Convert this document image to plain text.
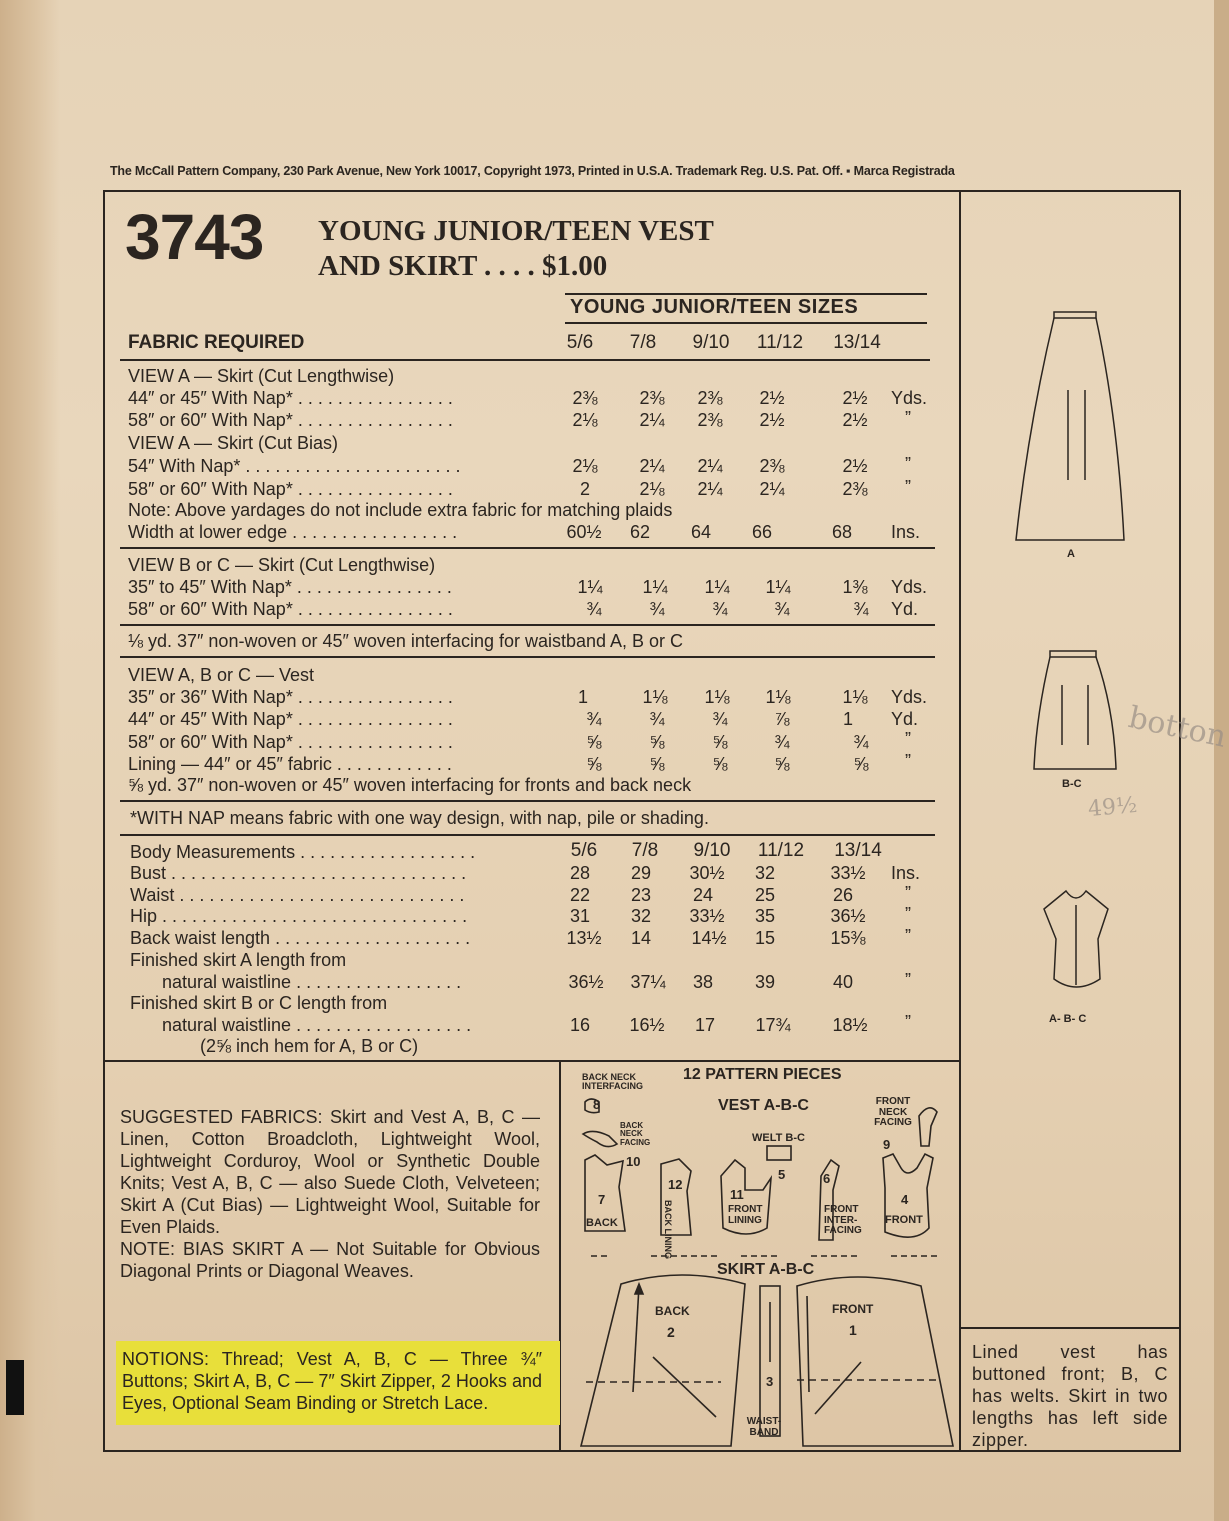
The McCall Pattern Company, 230 Park Avenue, New York 10017, Copyright 1973, Printed in U.S.A. Trademark Reg. U.S. Pat. Off. ▪ Marca Registrada
3743 YOUNG JUNIOR/TEEN VEST
AND SKIRT . . . . $1.00
YOUNG JUNIOR/TEEN SIZES
FABRIC REQUIRED	5/6	7/8	9/10	11/12	13/14
VIEW A — Skirt (Cut Lengthwise)
44″ or 45″ With Nap* . . . . . . . . . . . . . . . .	2⅜	2⅜	2⅜	2½	2½	Yds.
58″ or 60″ With Nap* . . . . . . . . . . . . . . . .	2⅛	2¼	2⅜	2½	2½	”
VIEW A — Skirt (Cut Bias)
54″ With Nap* . . . . . . . . . . . . . . . . . . . . . .	2⅛	2¼	2¼	2⅜	2½	”
58″ or 60″ With Nap* . . . . . . . . . . . . . . . .	2	2⅛	2¼	2¼	2⅜	”
Note: Above yardages do not include extra fabric for matching plaids
Width at lower edge . . . . . . . . . . . . . . . . .	60½	62	64	66	68	Ins.
VIEW B or C — Skirt (Cut Lengthwise)
35″ to 45″ With Nap* . . . . . . . . . . . . . . . .	1¼	1¼	1¼	1¼	1⅜	Yds.
58″ or 60″ With Nap* . . . . . . . . . . . . . . . .	¾	¾	¾	¾	¾	Yd.
⅛ yd. 37″ non-woven or 45″ woven interfacing for waistband A, B or C
VIEW A, B or C — Vest
35″ or 36″ With Nap* . . . . . . . . . . . . . . . .	1	1⅛	1⅛	1⅛	1⅛	Yds.
44″ or 45″ With Nap* . . . . . . . . . . . . . . . .	¾	¾	¾	⅞	1	Yd.
58″ or 60″ With Nap* . . . . . . . . . . . . . . . .	⅝	⅝	⅝	¾	¾	”
Lining — 44″ or 45″ fabric . . . . . . . . . . . .	⅝	⅝	⅝	⅝	⅝	”
⅝ yd. 37″ non-woven or 45″ woven interfacing for fronts and back neck
*WITH NAP means fabric with one way design, with nap, pile or shading.
Body Measurements . . . . . . . . . . . . . . . . . .	5/6	7/8	9/10	11/12	13/14
Bust . . . . . . . . . . . . . . . . . . . . . . . . . . . . . .	28	29	30½	32	33½	Ins.
Waist . . . . . . . . . . . . . . . . . . . . . . . . . . . . .	22	23	24	25	26	”
Hip . . . . . . . . . . . . . . . . . . . . . . . . . . . . . . .	31	32	33½	35	36½	”
Back waist length . . . . . . . . . . . . . . . . . . . .	13½	14	14½	15	15⅜	”
Finished skirt A length from
natural waistline . . . . . . . . . . . . . . . . .	36½	37¼	38	39	40	”
Finished skirt B or C length from
natural waistline . . . . . . . . . . . . . . . . . .	16	16½	17	17¾	18½	”
(2⅝ inch hem for A, B or C)
SUGGESTED FABRICS: Skirt and Vest A, B, C — Linen, Cotton Broadcloth, Lightweight Wool, Lightweight Corduroy, Wool or Synthetic Double Knits; Vest A, B, C — also Suede Cloth, Velveteen; Skirt A (Cut Bias) — Lightweight Wool, Suitable for Even Plaids.
NOTE: BIAS SKIRT A — Not Suitable for Obvious Diagonal Prints or Diagonal Weaves.
NOTIONS: Thread; Vest A, B, C — Three ¾″ Buttons; Skirt A, B, C — 7″ Skirt Zipper, 2 Hooks and Eyes, Optional Seam Binding or Stretch Lace.
BACK NECK INTERFACING
12 PATTERN PIECES
VEST A-B-C	FRONT NECK FACING
9
WELT B-C
5
8
BACK NECK FACING
10
7
BACK
12
BACK LINING
11
FRONT LINING
6
FRONT INTER- FACING
4
FRONT
SKIRT A-B-C
BACK
2
FRONT
1
3
WAIST- BAND
A
B-C
A- B- C
botton
49½
Lined vest has buttoned front; B, C has welts. Skirt in two lengths has left side zipper.
